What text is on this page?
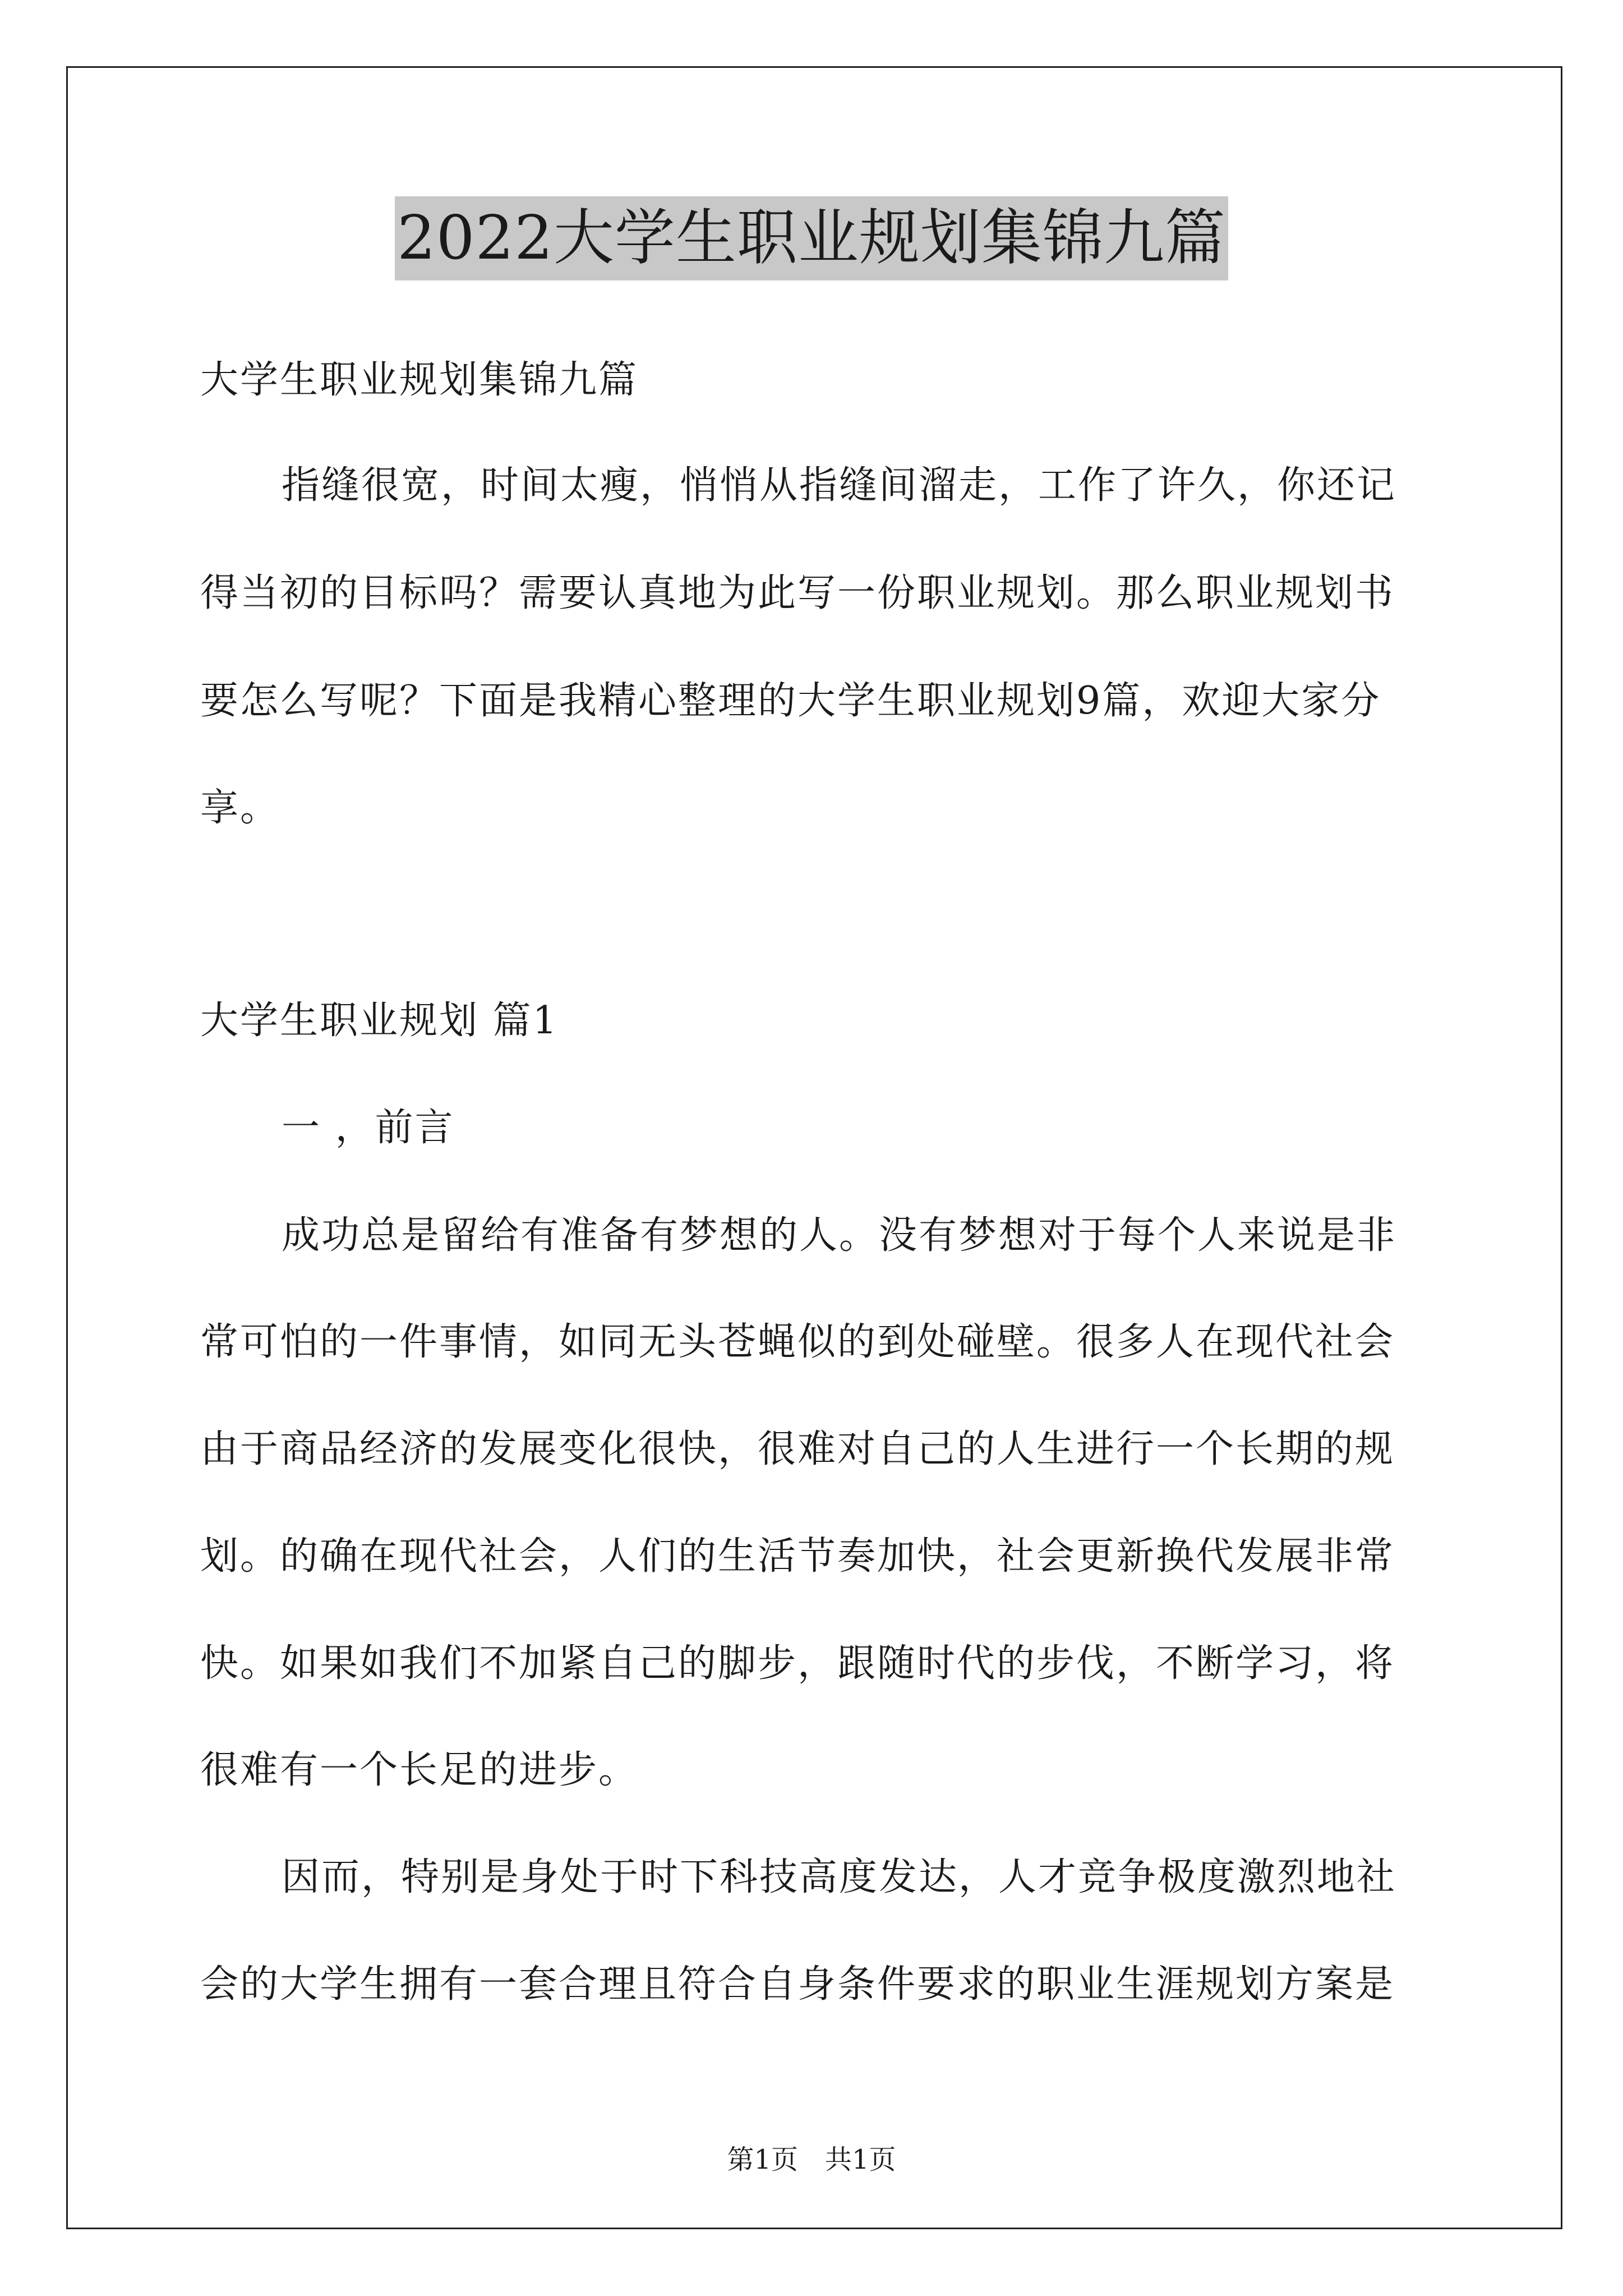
2022大学生职业规划集锦九篇
大学生职业规划集锦九篇
指缝很宽，时间太瘦，悄悄从指缝间溜走，工作了许久，你还记
得当初的目标吗？需要认真地为此写一份职业规划。那么职业规划书
要怎么写呢？下面是我精心整理的大学生职业规划9篇，欢迎大家分
享。
大学生职业规划 篇1
一 ，前言
成功总是留给有准备有梦想的人。没有梦想对于每个人来说是非
常可怕的一件事情，如同无头苍蝇似的到处碰壁。很多人在现代社会
由于商品经济的发展变化很快，很难对自己的人生进行一个长期的规
划。的确在现代社会，人们的生活节奏加快，社会更新换代发展非常
快。如果如我们不加紧自己的脚步，跟随时代的步伐，不断学习，将
很难有一个长足的进步。
因而，特别是身处于时下科技高度发达，人才竞争极度激烈地社
会的大学生拥有一套合理且符合自身条件要求的职业生涯规划方案是
第1页　共1页
